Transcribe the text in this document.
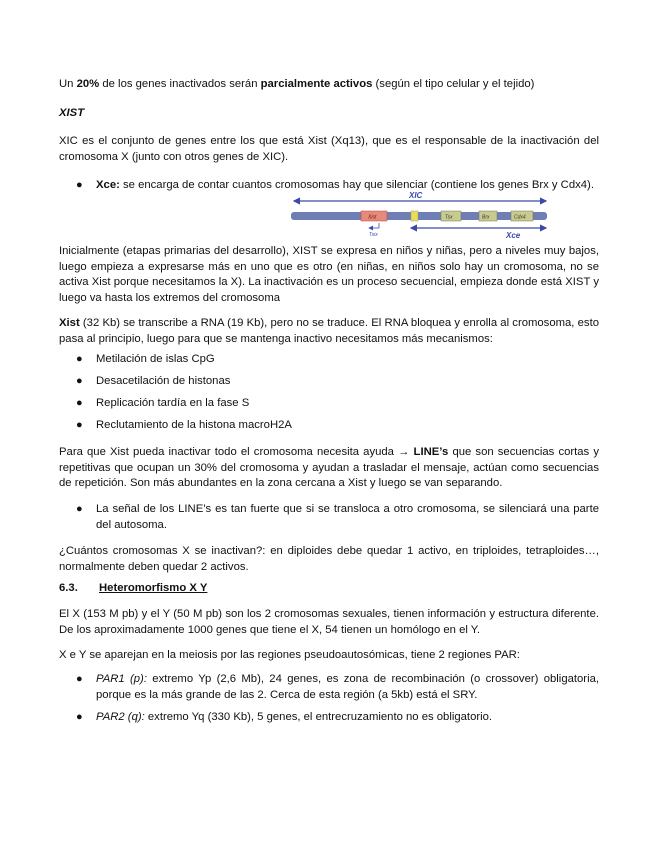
Un 20% de los genes inactivados serán parcialmente activos (según el tipo celular y el tejido)

XIST

XIC es el conjunto de genes entre los que está Xist (Xq13), que es el responsable de la inactivación del cromosoma X (junto con otros genes de XIC).

● Xce: se encarga de contar cuantos cromosomas hay que silenciar (contiene los genes Brx y Cdx4).
XIC
Xist	Tsx	Brx	Cdx4
Tsix	Xce

Inicialmente (etapas primarias del desarrollo), XIST se expresa en niños y niñas, pero a niveles muy bajos, luego empieza a expresarse más en uno que es otro (en niñas, en niños solo hay un cromosoma, no se activa Xist porque necesitamos la X). La inactivación es un proceso secuencial, empieza donde está XIST y luego va hasta los extremos del cromosoma

Xist (32 Kb) se transcribe a RNA (19 Kb), pero no se traduce. El RNA bloquea y enrolla al cromosoma, esto pasa al principio, luego para que se mantenga inactivo necesitamos más mecanismos:

● Metilación de islas CpG
● Desacetilación de histonas
● Replicación tardía en la fase S
● Reclutamiento de la histona macroH2A

Para que Xist pueda inactivar todo el cromosoma necesita ayuda → LINE’s que son secuencias cortas y repetitivas que ocupan un 30% del cromosoma y ayudan a trasladar el mensaje, actúan como secuencias de repetición. Son más abundantes en la zona cercana a Xist y luego se van separando.

● La señal de los LINE’s es tan fuerte que si se transloca a otro cromosoma, se silenciará una parte del autosoma.

¿Cuántos cromosomas X se inactivan?: en diploides debe quedar 1 activo, en triploides, tetraploides…, normalmente deben quedar 2 activos.

6.3. Heteromorfismo X Y

El X (153 M pb) y el Y (50 M pb) son los 2 cromosomas sexuales, tienen información y estructura diferente. De los aproximadamente 1000 genes que tiene el X, 54 tienen un homólogo en el Y.

X e Y se aparejan en la meiosis por las regiones pseudoautosómicas, tiene 2 regiones PAR:

● PAR1 (p): extremo Yp (2,6 Mb), 24 genes, es zona de recombinación (o crossover) obligatoria, porque es la más grande de las 2. Cerca de esta región (a 5kb) está el SRY.
● PAR2 (q): extremo Yq (330 Kb), 5 genes, el entrecruzamiento no es obligatorio.
